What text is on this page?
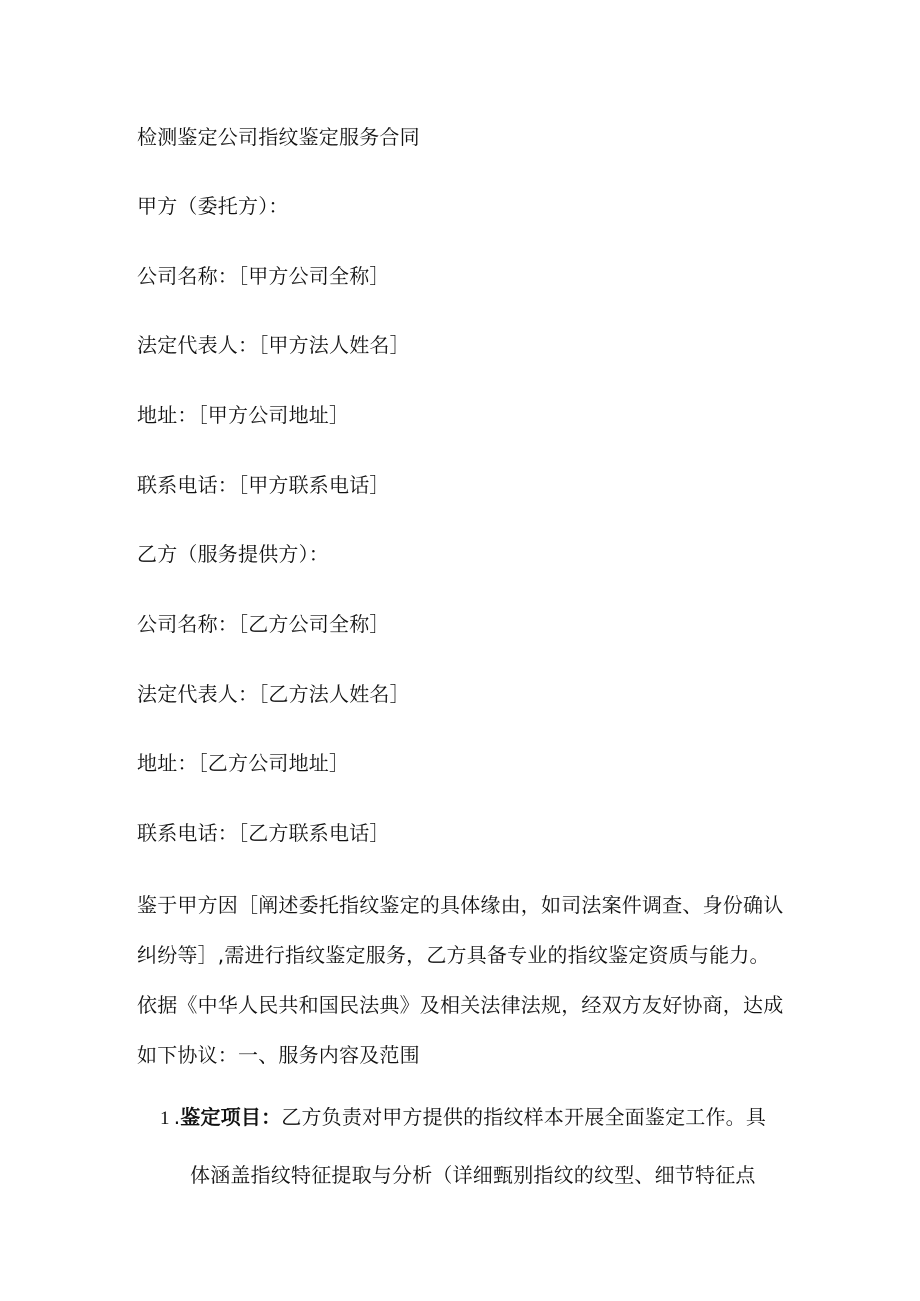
检测鉴定公司指纹鉴定服务合同
甲方（委托方）：
公司名称：［甲方公司全称］
法定代表人：［甲方法人姓名］
地址：［甲方公司地址］
联系电话：［甲方联系电话］
乙方（服务提供方）：
公司名称：［乙方公司全称］
法定代表人：［乙方法人姓名］
地址：［乙方公司地址］
联系电话：［乙方联系电话］
鉴于甲方因［阐述委托指纹鉴定的具体缘由，如司法案件调查、身份确认
纠纷等］,需进行指纹鉴定服务，乙方具备专业的指纹鉴定资质与能力。
依据《中华人民共和国民法典》及相关法律法规，经双方友好协商，达成
如下协议：一、服务内容及范围
1 .鉴定项目：乙方负责对甲方提供的指纹样本开展全面鉴定工作。具
体涵盖指纹特征提取与分析（详细甄别指纹的纹型、细节特征点
